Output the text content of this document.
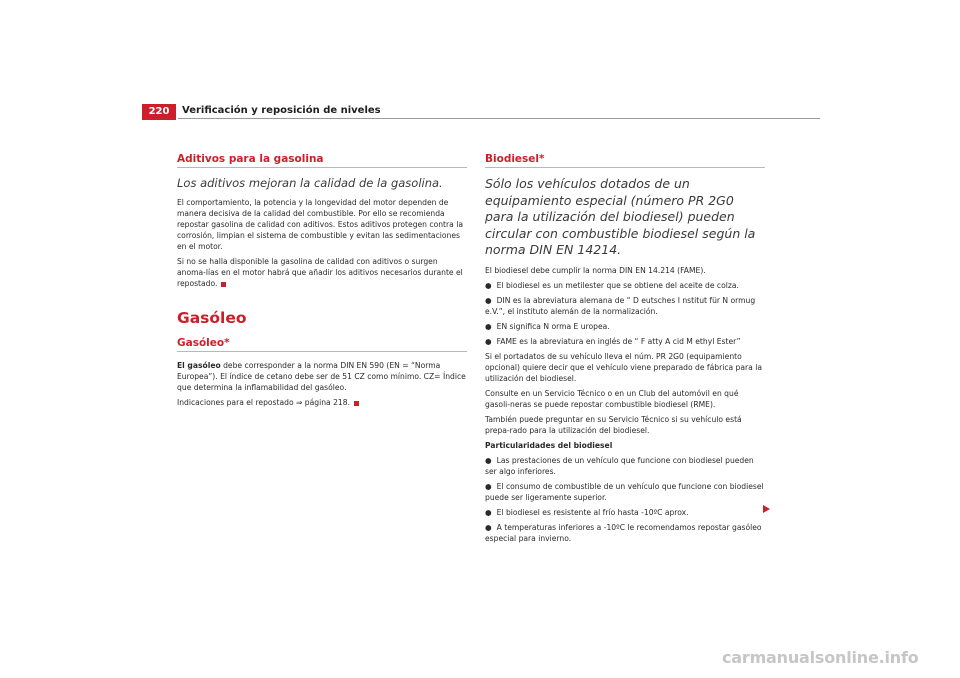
220	Verificación y reposición de niveles
Aditivos para la gasolina
Los aditivos mejoran la calidad de la gasolina.

El comportamiento, la potencia y la longevidad del motor dependen de manera decisiva de la calidad del combustible. Por ello se recomienda repostar gasolina de calidad con aditivos. Estos aditivos protegen contra la corrosión, limpian el sistema de combustible y evitan las sedimentaciones en el motor.

Si no se halla disponible la gasolina de calidad con aditivos o surgen anoma-lías en el motor habrá que añadir los aditivos necesarios durante el repostado.

Gasóleo
Gasóleo*

El gasóleo debe corresponder a la norma DIN EN 590 (EN = “Norma Europea”). El índice de cetano debe ser de 51 CZ como mínimo. CZ= Índice que determina la inflamabilidad del gasóleo.

Indicaciones para el repostado ⇒ página 218.

Biodiesel*
Sólo los vehículos dotados de un equipamiento especial (número PR 2G0 para la utilización del biodiesel) pueden circular con combustible biodiesel según la norma DIN EN 14214.

El biodiesel debe cumplir la norma DIN EN 14.214 (FAME).

● El biodiesel es un metilester que se obtiene del aceite de colza.

● DIN es la abreviatura alemana de “ D eutsches I nstitut für N ormug e.V.”, el instituto alemán de la normalización.

● EN significa N orma E uropea.

● FAME es la abreviatura en inglés de “ F atty A cid M ethyl Ester”

Si el portadatos de su vehículo lleva el núm. PR 2G0 (equipamiento opcional) quiere decir que el vehículo viene preparado de fábrica para la utilización del biodiesel.

Consulte en un Servicio Técnico o en un Club del automóvil en qué gasoli-neras se puede repostar combustible biodiesel (RME).

También puede preguntar en su Servicio Técnico si su vehículo está prepa-rado para la utilización del biodiesel.

Particularidades del biodiesel

● Las prestaciones de un vehículo que funcione con biodiesel pueden ser algo inferiores.

● El consumo de combustible de un vehículo que funcione con biodiesel puede ser ligeramente superior.

● El biodiesel es resistente al frío hasta -10ºC aprox.

● A temperaturas inferiores a -10ºC le recomendamos repostar gasóleo especial para invierno.

carmanualsonline.info
